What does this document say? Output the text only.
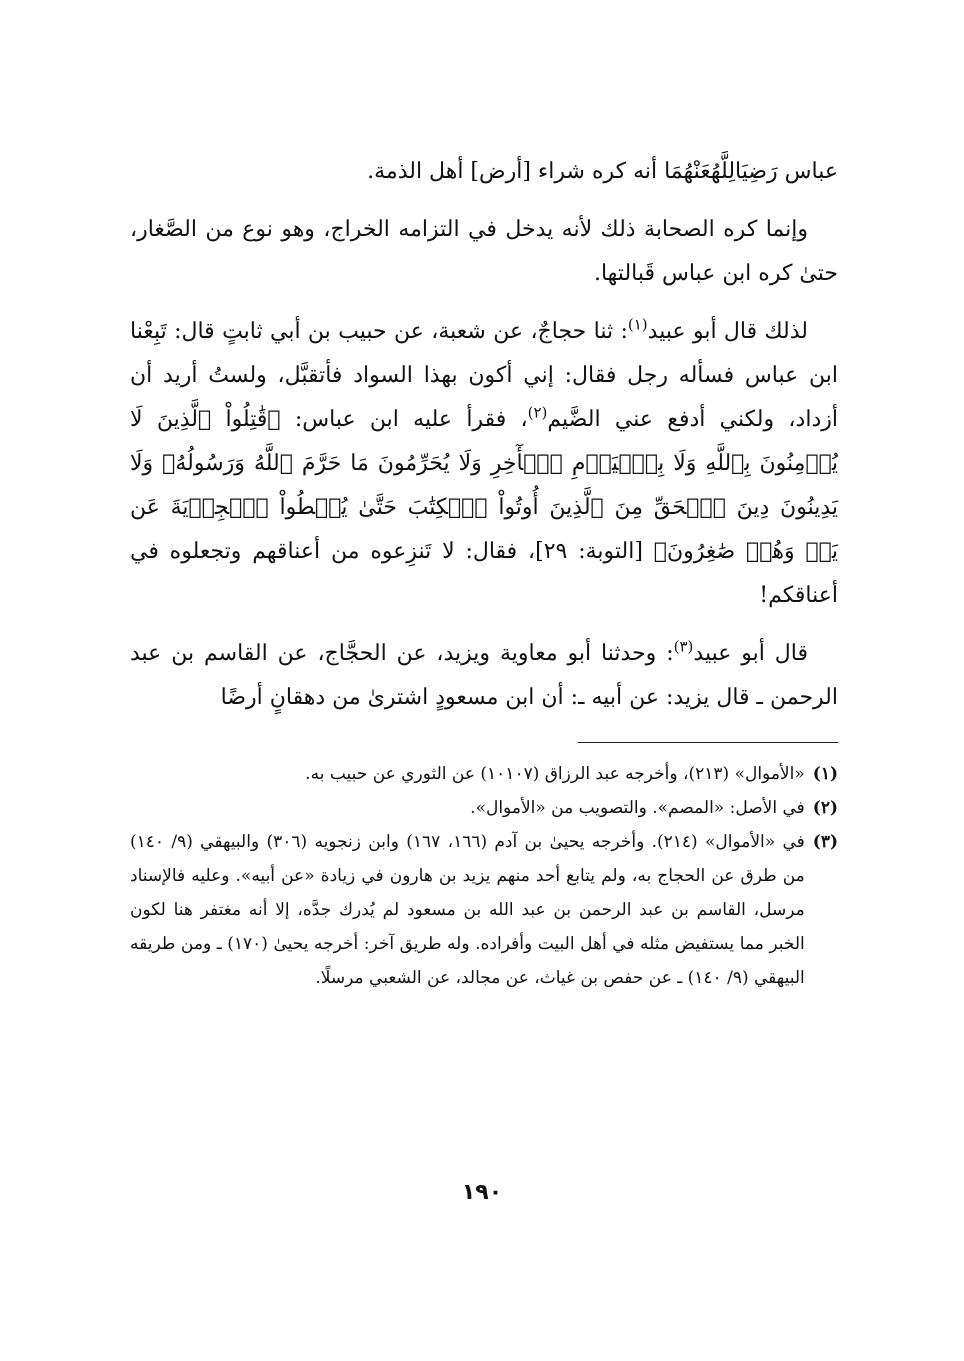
عباس رَضِيَالِلَّهُعَنْهُمَا أنه كره شراء [أرض] أهل الذمة.

وإنما كره الصحابة ذلك لأنه يدخل في التزامه الخراج، وهو نوع من الصَّغار، حتىٰ كره ابن عباس قَبالتها.

لذلك قال أبو عبيد$^{(١)}$: ثنا حجاجٌ، عن شعبة، عن حبيب بن أبي ثابتٍ قال: تَبِعْنا ابن عباس فسأله رجل فقال: إني أكون بهذا السواد فأتقبَّل، ولستُ أريد أن أزداد، ولكني أدفع عني الضَّيم$^{(٢)}$، فقرأ عليه ابن عباس: ﴿قَٰتِلُواْ ٱلَّذِينَ لَا يُؤۡمِنُونَ بِٱللَّهِ وَلَا بِٱلۡيَوۡمِ ٱلۡأٓخِرِ وَلَا يُحَرِّمُونَ مَا حَرَّمَ ٱللَّهُ وَرَسُولُهُۥ وَلَا يَدِينُونَ دِينَ ٱلۡحَقِّ مِنَ ٱلَّذِينَ أُوتُواْ ٱلۡكِتَٰبَ حَتَّىٰ يُعۡطُواْ ٱلۡجِزۡيَةَ عَن يَدٖ وَهُمۡ صَٰغِرُونَ﴾ [التوبة: ٢٩]، فقال: لا تَنزِعوه من أعناقهم وتجعلوه في أعناقكم!

قال أبو عبيد$^{(٣)}$: وحدثنا أبو معاوية ويزيد، عن الحجَّاج، عن القاسم بن عبد الرحمن ـ قال يزيد: عن أبيه ـ: أن ابن مسعودٍ اشترىٰ من دهقانٍ أرضًا

(١)
«الأموال» (٢١٣)، وأخرجه عبد الرزاق (١٠١٠٧) عن الثوري عن حبيب به.
(٢)
في الأصل: «المصم». والتصويب من «الأموال».
(٣)
في «الأموال» (٢١٤). وأخرجه يحيىٰ بن آدم (١٦٦، ١٦٧) وابن زنجويه (٣٠٦) والبيهقي (٩/ ١٤٠) من طرق عن الحجاج به، ولم يتابع أحد منهم يزيد بن هارون في زيادة «عن أبيه». وعليه فالإسناد مرسل، القاسم بن عبد الرحمن بن عبد الله بن مسعود لم يُدرك جدَّه، إلا أنه مغتفر هنا لكون الخبر مما يستفيض مثله في أهل البيت وأفراده. وله طريق آخر: أخرجه يحيىٰ (١٧٠) ـ ومن طريقه البيهقي (٩/ ١٤٠) ـ عن حفص بن غياث، عن مجالد، عن الشعبي مرسلًا.
١٩٠
